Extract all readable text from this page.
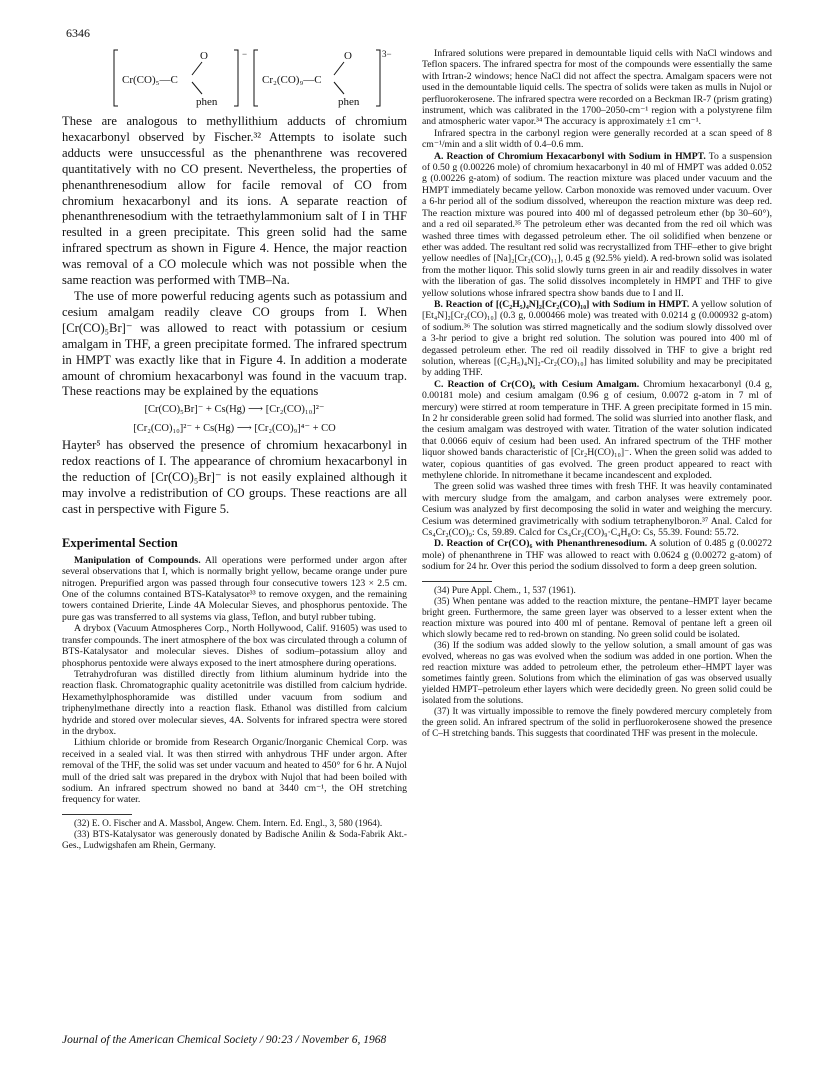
6346
O	−
Cr(CO)₅—C
phen
O	3−
Cr₂(CO)₉—C
phen

These are analogous to methyllithium adducts of chromium hexacarbonyl observed by Fischer.³² Attempts to isolate such adducts were unsuccessful as the phenanthrene was recovered quantitatively with no CO present. Nevertheless, the properties of phenanthrenesodium allow for facile removal of CO from chromium hexacarbonyl and its ions. A separate reaction of phenanthrenesodium with the tetraethylammonium salt of I in THF resulted in a green precipitate. This green solid had the same infrared spectrum as shown in Figure 4. Hence, the major reaction was removal of a CO molecule which was not possible when the same reaction was performed with TMB–Na.

The use of more powerful reducing agents such as potassium and cesium amalgam readily cleave CO groups from I. When [Cr(CO)₅Br]⁻ was allowed to react with potassium or cesium amalgam in THF, a green precipitate formed. The infrared spectrum in HMPT was exactly like that in Figure 4. In addition a moderate amount of chromium hexacarbonyl was found in the vacuum trap. These reactions may be explained by the equations

[Cr(CO)₅Br]⁻ + Cs(Hg) ⟶ [Cr₂(CO)₁₀]²⁻
[Cr₂(CO)₁₀]²⁻ + Cs(Hg) ⟶ [Cr₂(CO)₉]⁴⁻ + CO

Hayter⁵ has observed the presence of chromium hexacarbonyl in redox reactions of I. The appearance of chromium hexacarbonyl in the reduction of [Cr(CO)₅Br]⁻ is not easily explained although it may involve a redistribution of CO groups. These reactions are all cast in perspective with Figure 5.

Experimental Section

Manipulation of Compounds. All operations were performed under argon after several observations that I, which is normally bright yellow, became orange under pure nitrogen. Prepurified argon was passed through four consecutive towers 123 × 2.5 cm. One of the columns contained BTS-Katalysator³³ to remove oxygen, and the remaining towers contained Drierite, Linde 4A Molecular Sieves, and phosphorus pentoxide. The pure gas was transferred to all systems via glass, Teflon, and butyl rubber tubing.

A drybox (Vacuum Atmospheres Corp., North Hollywood, Calif. 91605) was used to transfer compounds. The inert atmosphere of the box was circulated through a column of BTS-Katalysator and molecular sieves. Dishes of sodium–potassium alloy and phosphorus pentoxide were always exposed to the inert atmosphere during operations.

Tetrahydrofuran was distilled directly from lithium aluminum hydride into the reaction flask. Chromatographic quality acetonitrile was distilled from calcium hydride. Hexamethylphosphoramide was distilled under vacuum from sodium and triphenylmethane directly into a reaction flask. Ethanol was distilled from calcium hydride and stored over molecular sieves, 4A. Solvents for infrared spectra were stored in the drybox.

Lithium chloride or bromide from Research Organic/Inorganic Chemical Corp. was received in a sealed vial. It was then stirred with anhydrous THF under argon. After removal of the THF, the solid was set under vacuum and heated to 450° for 6 hr. A Nujol mull of the dried salt was prepared in the drybox with Nujol that had been boiled with sodium. An infrared spectrum showed no band at 3440 cm⁻¹, the OH stretching frequency for water.

(32) E. O. Fischer and A. Massbol, Angew. Chem. Intern. Ed. Engl., 3, 580 (1964).

(33) BTS-Katalysator was generously donated by Badische Anilin & Soda-Fabrik Akt.-Ges., Ludwigshafen am Rhein, Germany.

Infrared solutions were prepared in demountable liquid cells with NaCl windows and Teflon spacers. The infrared spectra for most of the compounds were essentially the same with Irtran-2 windows; hence NaCl did not affect the spectra. Amalgam spacers were not used in the demountable liquid cells. The spectra of solids were taken as mulls in Nujol or perfluorokerosene. The infrared spectra were recorded on a Beckman IR-7 (prism grating) instrument, which was calibrated in the 1700–2050-cm⁻¹ region with a polystyrene film and atmospheric water vapor.³⁴ The accuracy is approximately ±1 cm⁻¹.

Infrared spectra in the carbonyl region were generally recorded at a scan speed of 8 cm⁻¹/min and a slit width of 0.4–0.6 mm.

A. Reaction of Chromium Hexacarbonyl with Sodium in HMPT. To a suspension of 0.50 g (0.00226 mole) of chromium hexacarbonyl in 40 ml of HMPT was added 0.052 g (0.00226 g-atom) of sodium. The reaction mixture was placed under vacuum and the HMPT immediately became yellow. Carbon monoxide was removed under vacuum. Over a 6-hr period all of the sodium dissolved, whereupon the reaction mixture was deep red. The reaction mixture was poured into 400 ml of degassed petroleum ether (bp 30–60°), and a red oil separated.³⁵ The petroleum ether was decanted from the red oil which was washed three times with degassed petroleum ether. The oil solidified when benzene or ether was added. The resultant red solid was recrystallized from THF–ether to give bright yellow needles of [Na]₂[Cr₂(CO)₁₁], 0.45 g (92.5% yield). A red-brown solid was isolated from the mother liquor. This solid slowly turns green in air and readily dissolves in water with the liberation of gas. The solid dissolves incompletely in HMPT and THF to give yellow solutions whose infrared spectra show bands due to I and II.

B. Reaction of [(C₂H₅)₄N]₂[Cr₂(CO)₁₀] with Sodium in HMPT. A yellow solution of [Et₄N]₂[Cr₂(CO)₁₀] (0.3 g, 0.000466 mole) was treated with 0.0214 g (0.000932 g-atom) of sodium.³⁶ The solution was stirred magnetically and the sodium slowly dissolved over a 3-hr period to give a bright red solution. The solution was poured into 400 ml of degassed petroleum ether. The red oil readily dissolved in THF to give a bright red solution, whereas [(C₂H₅)₄N]₂-Cr₂(CO)₁₀] has limited solubility and may be precipitated by adding THF.

C. Reaction of Cr(CO)₆ with Cesium Amalgam. Chromium hexacarbonyl (0.4 g, 0.00181 mole) and cesium amalgam (0.96 g of cesium, 0.0072 g-atom in 7 ml of mercury) were stirred at room temperature in THF. A green precipitate formed in 15 min. In 2 hr considerable green solid had formed. The solid was slurried into another flask, and the cesium amalgam was destroyed with water. Titration of the water solution indicated that 0.0066 equiv of cesium had been used. An infrared spectrum of the THF mother liquor showed bands characteristic of [Cr₂H(CO)₁₀]⁻. When the green solid was added to water, copious quantities of gas evolved. The green product appeared to react with methylene chloride. In nitromethane it became incandescent and exploded.

The green solid was washed three times with fresh THF. It was heavily contaminated with mercury sludge from the amalgam, and carbon analyses were extremely poor. Cesium was analyzed by first decomposing the solid in water and weighing the mercury. Cesium was determined gravimetrically with sodium tetraphenylboron.³⁷ Anal. Calcd for Cs₄Cr₂(CO)₉: Cs, 59.89. Calcd for Cs₄Cr₂(CO)₉·C₄H₈O: Cs, 55.39. Found: 55.72.

D. Reaction of Cr(CO)₆ with Phenanthrenesodium. A solution of 0.485 g (0.00272 mole) of phenanthrene in THF was allowed to react with 0.0624 g (0.00272 g-atom) of sodium for 24 hr. Over this period the sodium dissolved to form a deep green solution.

(34) Pure Appl. Chem., 1, 537 (1961).

(35) When pentane was added to the reaction mixture, the pentane–HMPT layer became bright green. Furthermore, the same green layer was observed to a lesser extent when the reaction mixture was poured into 400 ml of pentane. Removal of pentane left a green oil which slowly became red to red-brown on standing. No green solid could be isolated.

(36) If the sodium was added slowly to the yellow solution, a small amount of gas was evolved, whereas no gas was evolved when the sodium was added in one portion. When the red reaction mixture was added to petroleum ether, the petroleum ether–HMPT layer was sometimes faintly green. Solutions from which the elimination of gas was observed usually yielded HMPT–petroleum ether layers which were decidedly green. No green solid could be isolated from the solutions.

(37) It was virtually impossible to remove the finely powdered mercury completely from the green solid. An infrared spectrum of the solid in perfluorokerosene showed the presence of C–H stretching bands. This suggests that coordinated THF was present in the molecule.

Journal of the American Chemical Society / 90:23 / November 6, 1968
